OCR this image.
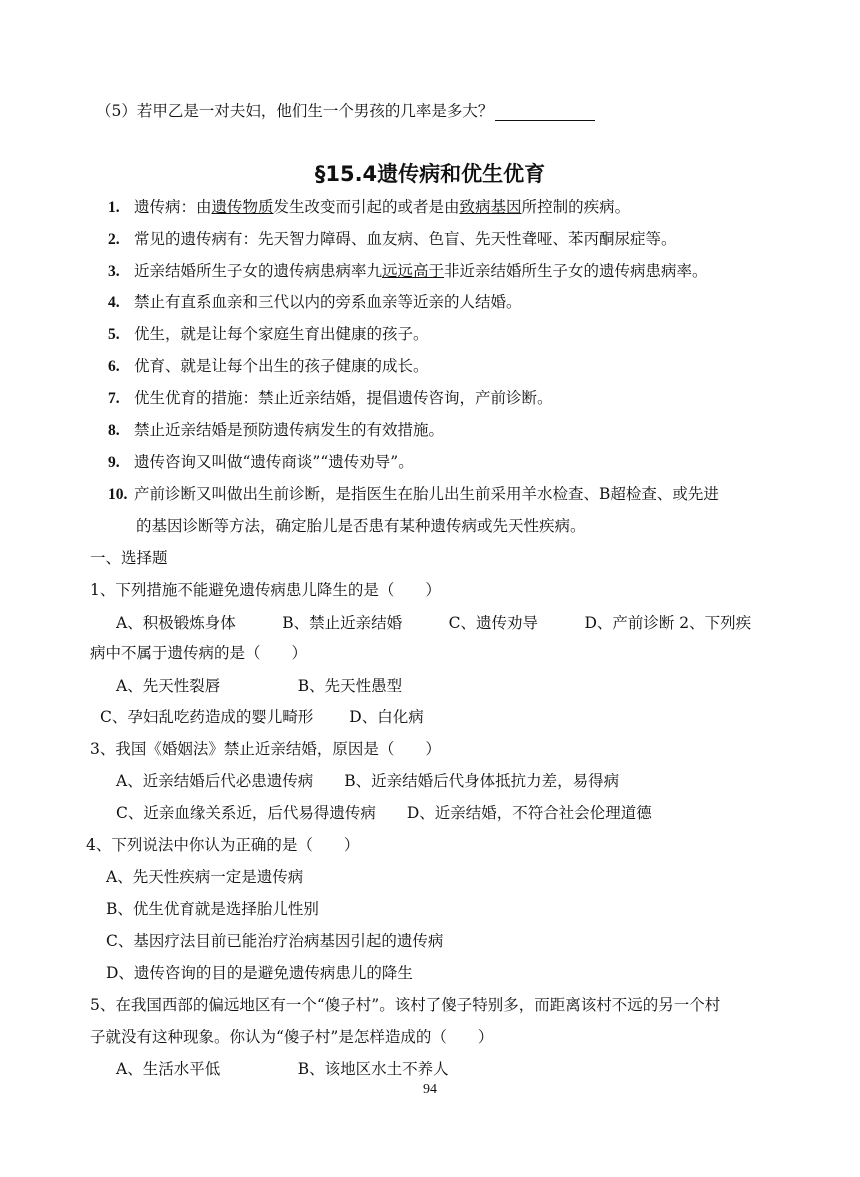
（5）若甲乙是一对夫妇，他们生一个男孩的几率是多大？
§15.4遗传病和优生优育
1. 遗传病：由遗传物质发生改变而引起的或者是由致病基因所控制的疾病。
2. 常见的遗传病有：先天智力障碍、血友病、色盲、先天性聋哑、苯丙酮尿症等。
3. 近亲结婚所生子女的遗传病患病率九远远高于非近亲结婚所生子女的遗传病患病率。
4. 禁止有直系血亲和三代以内的旁系血亲等近亲的人结婚。
5. 优生，就是让每个家庭生育出健康的孩子。
6. 优育、就是让每个出生的孩子健康的成长。
7. 优生优育的措施：禁止近亲结婚，提倡遗传咨询，产前诊断。
8. 禁止近亲结婚是预防遗传病发生的有效措施。
9. 遗传咨询又叫做“遗传商谈”“遗传劝导”。
10. 产前诊断又叫做出生前诊断，是指医生在胎儿出生前采用羊水检查、B超检查、或先进
的基因诊断等方法，确定胎儿是否患有某种遗传病或先天性疾病。
一、选择题
1、下列措施不能避免遗传病患儿降生的是（　　）
A、积极锻炼身体　　　B、禁止近亲结婚　　　C、遗传劝导　　　D、产前诊断 2、下列疾
病中不属于遗传病的是（　　）
A、先天性裂唇　　　　　B、先天性愚型
C、孕妇乱吃药造成的婴儿畸形　　 D、白化病
3、我国《婚姻法》禁止近亲结婚，原因是（　　）
A、近亲结婚后代必患遗传病　　B、近亲结婚后代身体抵抗力差，易得病
C、近亲血缘关系近，后代易得遗传病　　D、近亲结婚，不符合社会伦理道德
4、下列说法中你认为正确的是（　　）
A、先天性疾病一定是遗传病
B、优生优育就是选择胎儿性别
C、基因疗法目前已能治疗治病基因引起的遗传病
D、遗传咨询的目的是避免遗传病患儿的降生
5、在我国西部的偏远地区有一个“傻子村”。该村了傻子特别多，而距离该村不远的另一个村
子就没有这种现象。你认为“傻子村”是怎样造成的（　　）
A、生活水平低　　　　　B、该地区水土不养人
94
